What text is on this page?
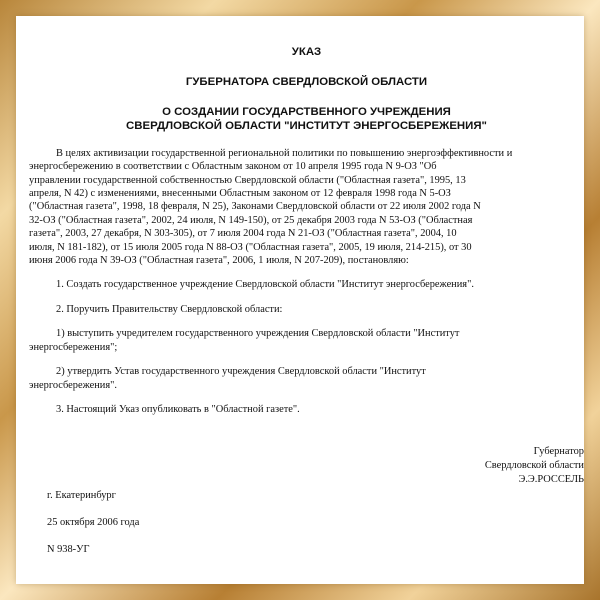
УКАЗ
ГУБЕРНАТОРА СВЕРДЛОВСКОЙ ОБЛАСТИ
О СОЗДАНИИ ГОСУДАРСТВЕННОГО УЧРЕЖДЕНИЯ
СВЕРДЛОВСКОЙ ОБЛАСТИ "ИНСТИТУТ ЭНЕРГОСБЕРЕЖЕНИЯ"
В целях активизации государственной региональной политики по повышению энергоэффективности и
энергосбережению в соответствии с Областным законом от 10 апреля 1995 года N 9-ОЗ "Об
управлении государственной собственностью Свердловской области ("Областная газета", 1995, 13
апреля, N 42) с изменениями, внесенными Областным законом от 12 февраля 1998 года N 5-ОЗ
("Областная газета", 1998, 18 февраля, N 25), Законами Свердловской области от 22 июля 2002 года N
32-ОЗ ("Областная газета", 2002, 24 июля, N 149-150), от 25 декабря 2003 года N 53-ОЗ ("Областная
газета", 2003, 27 декабря, N 303-305), от 7 июля 2004 года N 21-ОЗ ("Областная газета", 2004, 10
июля, N 181-182), от 15 июля 2005 года N 88-ОЗ ("Областная газета", 2005, 19 июля, 214-215), от 30
июня 2006 года N 39-ОЗ ("Областная газета", 2006, 1 июля, N 207-209), постановляю:
1. Создать государственное учреждение Свердловской области "Институт энергосбережения".
2. Поручить Правительству Свердловской области:
1) выступить учредителем государственного учреждения Свердловской области "Институт
энергосбережения";
2) утвердить Устав государственного учреждения Свердловской области "Институт
энергосбережения".
3. Настоящий Указ опубликовать в "Областной газете".
Губернатор
Свердловской области
Э.Э.РОССЕЛЬ
г. Екатеринбург
25 октября 2006 года
N 938-УГ
